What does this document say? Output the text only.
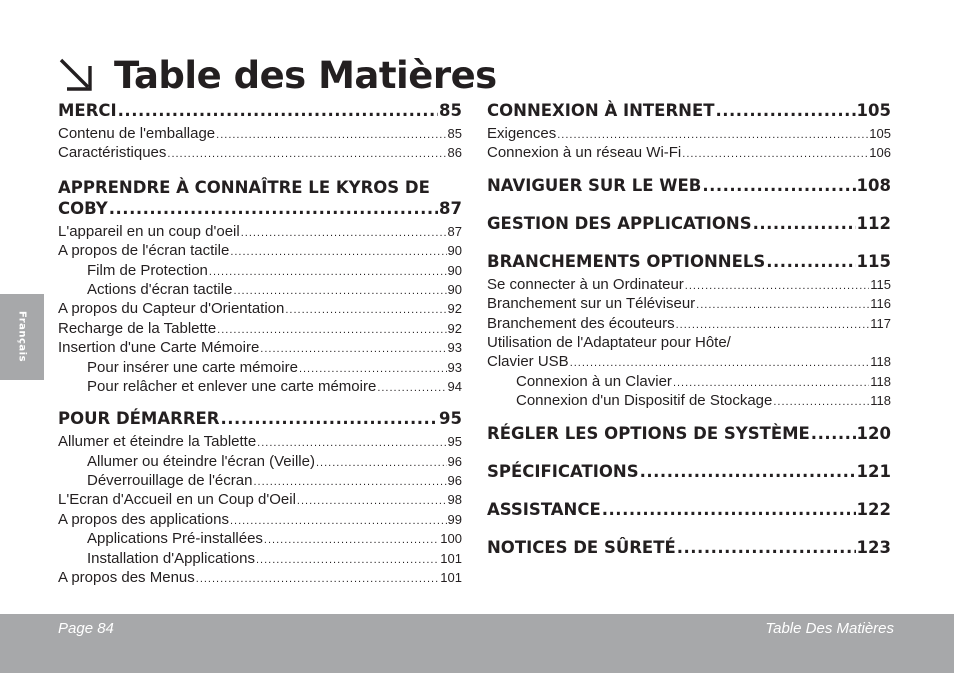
Table des Matières
MERCI .....	85
Contenu de l'emballage .....	85
Caractéristiques .....	86
APPRENDRE À CONNAÎTRE LE KYROS DE
COBY .....	87
L'appareil en un coup d'oeil .....	87
A propos de l'écran tactile .....	90
Film de Protection .....	90
Actions d'écran tactile .....	90
A propos du Capteur d'Orientation .....	92
Recharge de la Tablette .....	92
Insertion d'une Carte Mémoire .....	93
Pour insérer une carte mémoire .....	93
Pour relâcher et enlever une carte mémoire .....	94
POUR DÉMARRER .....	95
Allumer et éteindre la Tablette .....	95
Allumer ou éteindre l'écran (Veille) .....	96
Déverrouillage de l'écran .....	96
L'Ecran d'Accueil en un Coup d'Oeil .....	98
A propos des applications .....	99
Applications Pré-installées .....	100
Installation d'Applications .....	101
A propos des Menus .....	101
CONNEXION À INTERNET .....	105
Exigences .....	105
Connexion à un réseau Wi-Fi .....	106
NAVIGUER SUR LE WEB .....	108
GESTION DES APPLICATIONS .....	112
BRANCHEMENTS OPTIONNELS .....	115
Se connecter à un Ordinateur .....	115
Branchement sur un Téléviseur .....	116
Branchement des écouteurs .....	117
Utilisation de l'Adaptateur pour Hôte/
Clavier USB .....	118
Connexion à un Clavier .....	118
Connexion d'un Dispositif de Stockage .....	118
RÉGLER LES OPTIONS DE SYSTÈME .....	120
SPÉCIFICATIONS .....	121
ASSISTANCE .....	122
NOTICES DE SÛRETÉ .....	123
Français
Page 84	Table Des Matières
